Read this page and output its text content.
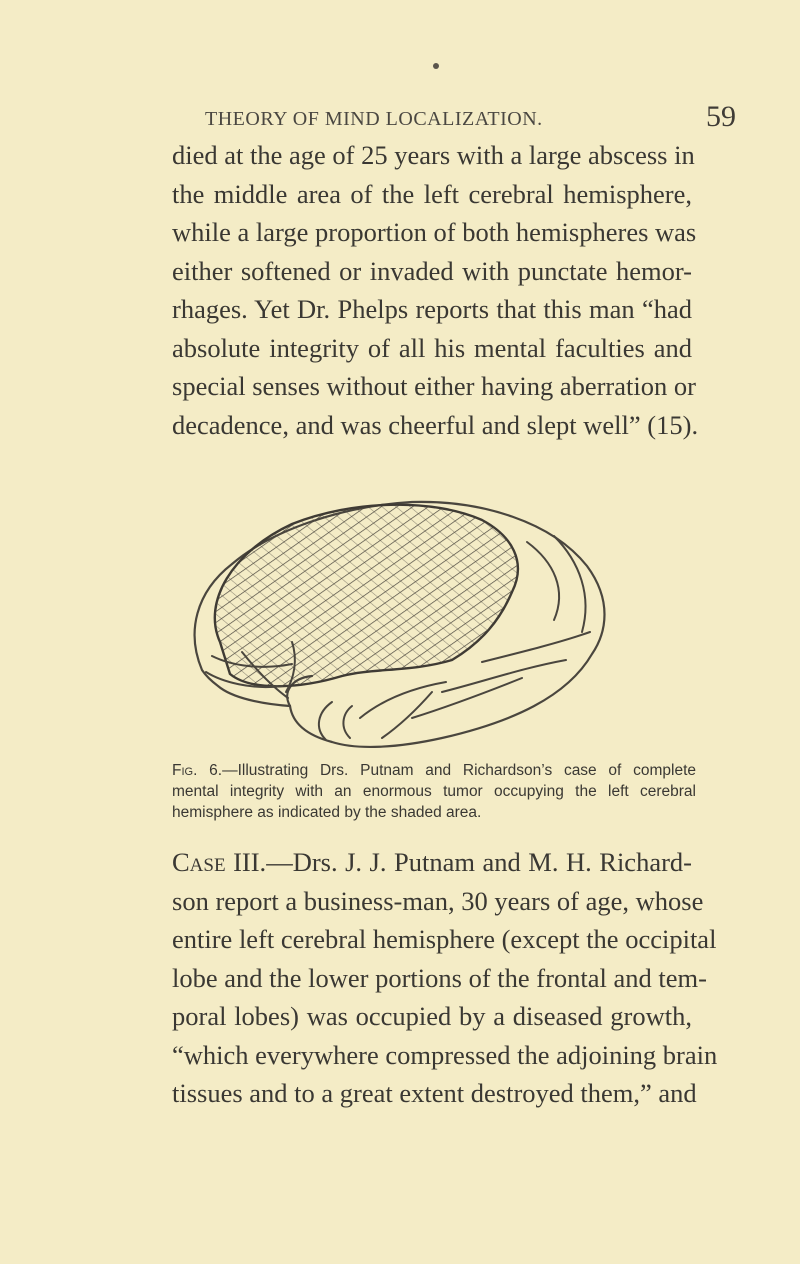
THEORY OF MIND LOCALIZATION.	59
died at the age of 25 years with a large abscess in
the middle area of the left cerebral hemisphere,
while a large proportion of both hemispheres was
either softened or invaded with punctate hemor-
rhages. Yet Dr. Phelps reports that this man “had
absolute integrity of all his mental faculties and
special senses without either having aberration or
decadence, and was cheerful and slept well” (15).
Fig. 6.—Illustrating Drs. Putnam and Richardson’s case of complete
mental integrity with an enormous tumor occupying the left cerebral
hemisphere as indicated by the shaded area.
Case III.—Drs. J. J. Putnam and M. H. Richard-
son report a business-man, 30 years of age, whose
entire left cerebral hemisphere (except the occipital
lobe and the lower portions of the frontal and tem-
poral lobes) was occupied by a diseased growth,
“which everywhere compressed the adjoining brain
tissues and to a great extent destroyed them,” and
